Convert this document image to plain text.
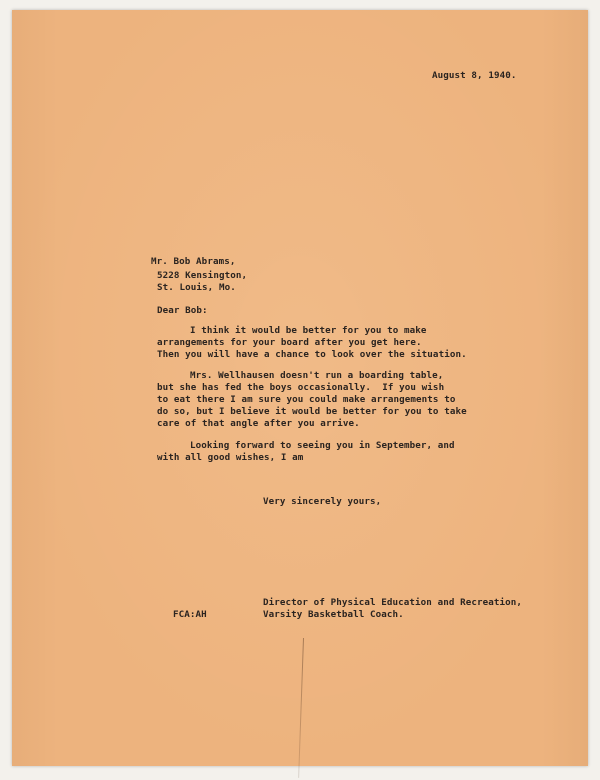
August 8, 1940.

Mr. Bob Abrams,

5228 Kensington,

St. Louis, Mo.

Dear Bob:

I think it would be better for you to make

arrangements for your board after you get here.

Then you will have a chance to look over the situation.

Mrs. Wellhausen doesn't run a boarding table,

but she has fed the boys occasionally.  If you wish

to eat there I am sure you could make arrangements to

do so, but I believe it would be better for you to take

care of that angle after you arrive.

Looking forward to seeing you in September, and

with all good wishes, I am

Very sincerely yours,

Director of Physical Education and Recreation,

Varsity Basketball Coach.

FCA:AH
